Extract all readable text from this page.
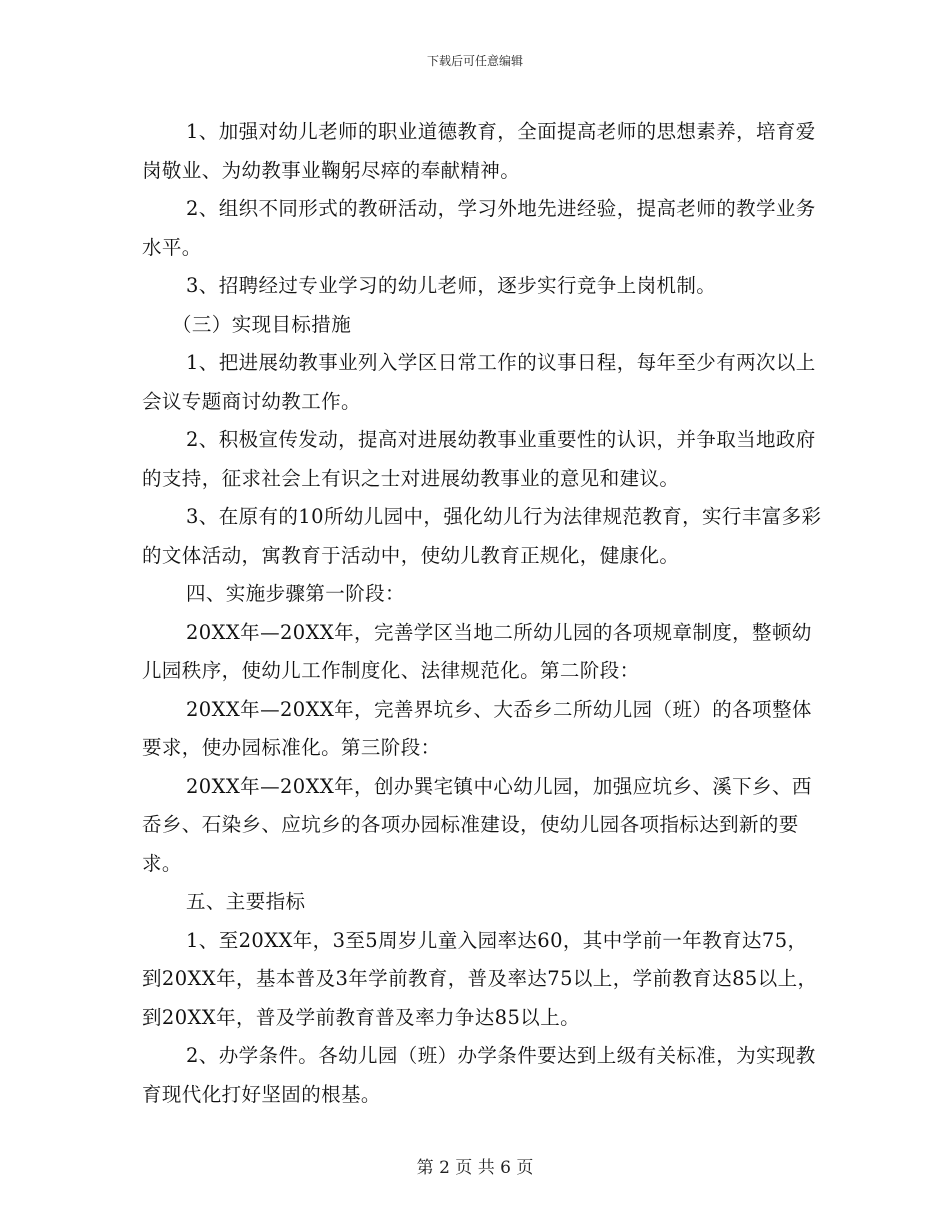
下载后可任意编辑

1、加强对幼儿老师的职业道德教育，全面提高老师的思想素养，培育爱岗敬业、为幼教事业鞠躬尽瘁的奉献精神。

2、组织不同形式的教研活动，学习外地先进经验，提高老师的教学业务水平。

3、招聘经过专业学习的幼儿老师，逐步实行竞争上岗机制。

（三）实现目标措施

1、把进展幼教事业列入学区日常工作的议事日程，每年至少有两次以上会议专题商讨幼教工作。

2、积极宣传发动，提高对进展幼教事业重要性的认识，并争取当地政府的支持，征求社会上有识之士对进展幼教事业的意见和建议。

3、在原有的10所幼儿园中，强化幼儿行为法律规范教育，实行丰富多彩的文体活动，寓教育于活动中，使幼儿教育正规化，健康化。

四、实施步骤第一阶段：

20XX年—20XX年，完善学区当地二所幼儿园的各项规章制度，整顿幼儿园秩序，使幼儿工作制度化、法律规范化。第二阶段：

20XX年—20XX年，完善界坑乡、大岙乡二所幼儿园（班）的各项整体要求，使办园标准化。第三阶段：

20XX年—20XX年，创办巽宅镇中心幼儿园，加强应坑乡、溪下乡、西岙乡、石染乡、应坑乡的各项办园标准建设，使幼儿园各项指标达到新的要求。

五、主要指标

1、至20XX年，3至5周岁儿童入园率达60，其中学前一年教育达75，到20XX年，基本普及3年学前教育，普及率达75以上，学前教育达85以上，到20XX年，普及学前教育普及率力争达85以上。

2、办学条件。各幼儿园（班）办学条件要达到上级有关标准，为实现教育现代化打好坚固的根基。

第 2 页 共 6 页
